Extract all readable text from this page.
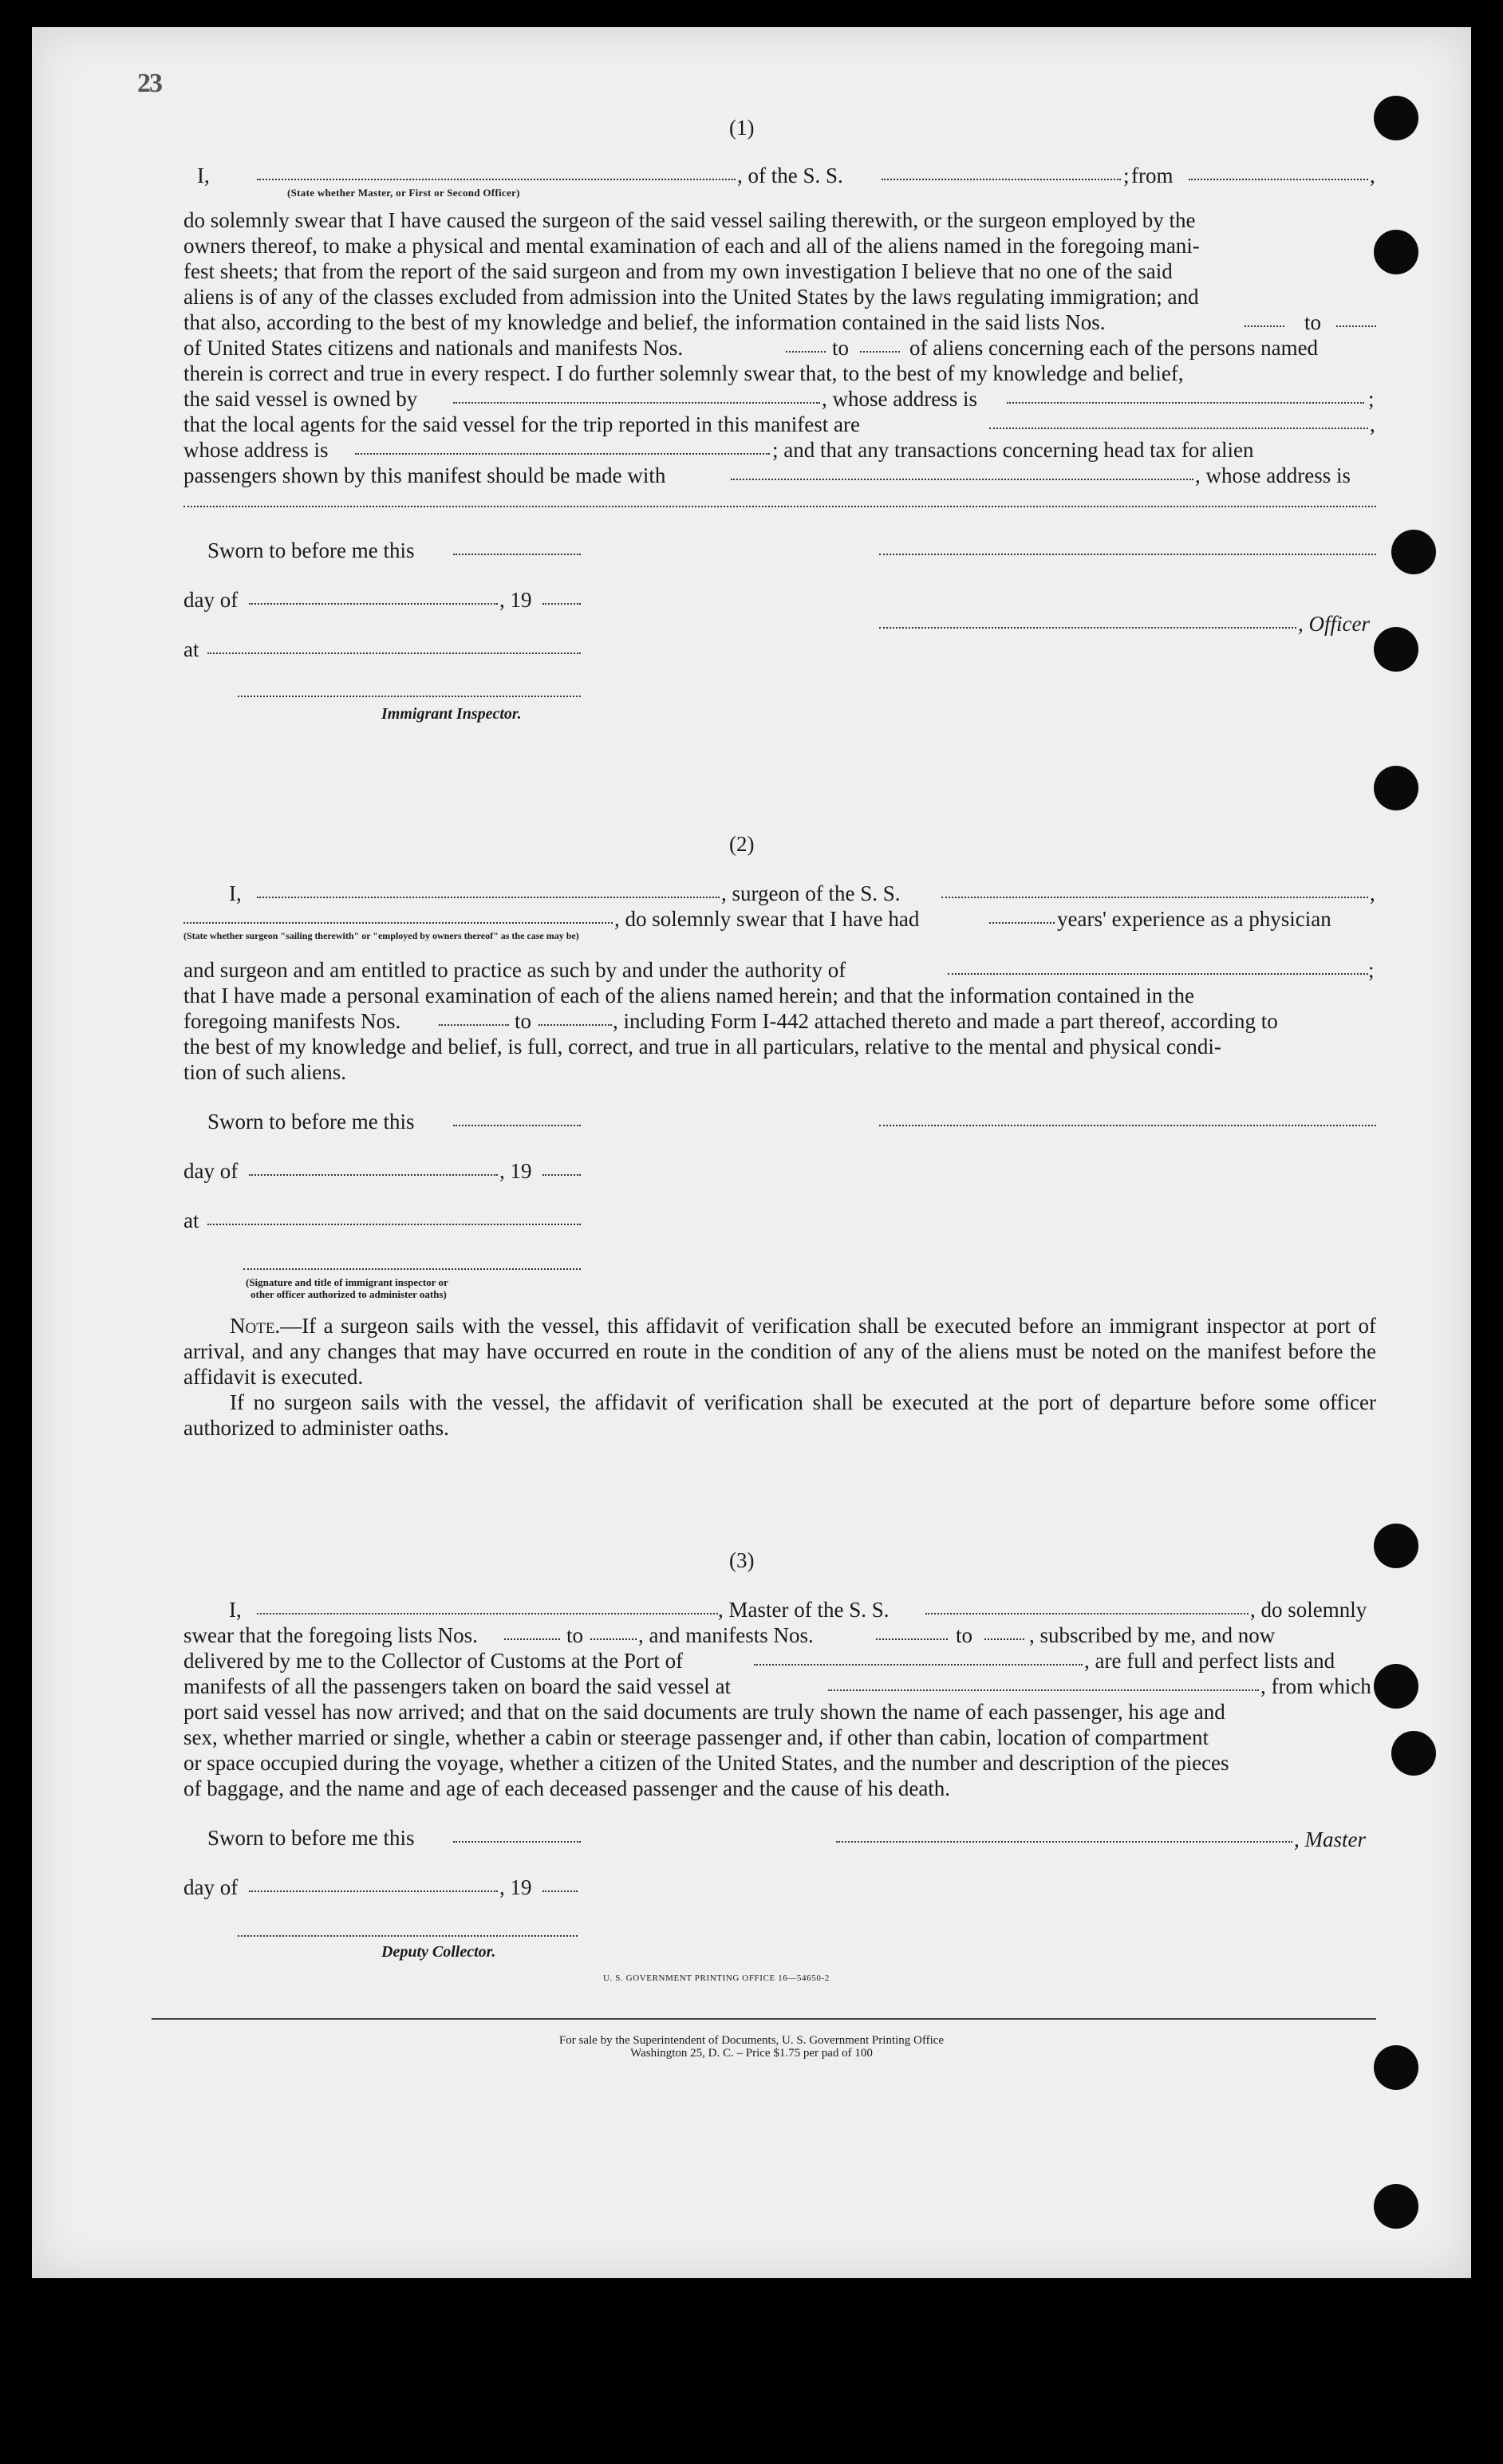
23
(1)
I,	, of the S. S.	; from	,
(State whether Master, or First or Second Officer)
do solemnly swear that I have caused the surgeon of the said vessel sailing therewith, or the surgeon employed by the
owners thereof, to make a physical and mental examination of each and all of the aliens named in the foregoing mani-
fest sheets; that from the report of the said surgeon and from my own investigation I believe that no one of the said
aliens is of any of the classes excluded from admission into the United States by the laws regulating immigration; and
that also, according to the best of my knowledge and belief, the information contained in the said lists Nos.	to
of United States citizens and nationals and manifests Nos.	to	of aliens concerning each of the persons named
therein is correct and true in every respect. I do further solemnly swear that, to the best of my knowledge and belief,
the said vessel is owned by	, whose address is	;
that the local agents for the said vessel for the trip reported in this manifest are	,
whose address is	; and that any transactions concerning head tax for alien
passengers shown by this manifest should be made with	, whose address is
Sworn to before me this
day of	, 19
, Officer
at
Immigrant Inspector.
(2)
I,	, surgeon of the S. S.	,
, do solemnly swear that I have had	years' experience as a physician
(State whether surgeon "sailing therewith" or "employed by owners thereof" as the case may be)
and surgeon and am entitled to practice as such by and under the authority of	;
that I have made a personal examination of each of the aliens named herein; and that the information contained in the
foregoing manifests Nos.	to	, including Form I-442 attached thereto and made a part thereof, according to
the best of my knowledge and belief, is full, correct, and true in all particulars, relative to the mental and physical condi-
tion of such aliens.
Sworn to before me this
day of	, 19
at
(Signature and title of immigrant inspector or
other officer authorized to administer oaths)
Note.—If a surgeon sails with the vessel, this affidavit of verification shall be executed before an immigrant inspector at port of arrival, and any changes that may have occurred en route in the condition of any of the aliens must be noted on the manifest before the affidavit is executed.
If no surgeon sails with the vessel, the affidavit of verification shall be executed at the port of departure before some officer authorized to administer oaths.
(3)
I,	, Master of the S. S.	, do solemnly
swear that the foregoing lists Nos.	to	, and manifests Nos.	to	, subscribed by me, and now
delivered by me to the Collector of Customs at the Port of	, are full and perfect lists and
manifests of all the passengers taken on board the said vessel at	, from which
port said vessel has now arrived; and that on the said documents are truly shown the name of each passenger, his age and
sex, whether married or single, whether a cabin or steerage passenger and, if other than cabin, location of compartment
or space occupied during the voyage, whether a citizen of the United States, and the number and description of the pieces
of baggage, and the name and age of each deceased passenger and the cause of his death.
Sworn to before me this	, Master
day of	, 19
Deputy Collector.
U. S. GOVERNMENT PRINTING OFFICE 16—54650-2
For sale by the Superintendent of Documents, U. S. Government Printing Office
Washington 25, D. C. – Price $1.75 per pad of 100
